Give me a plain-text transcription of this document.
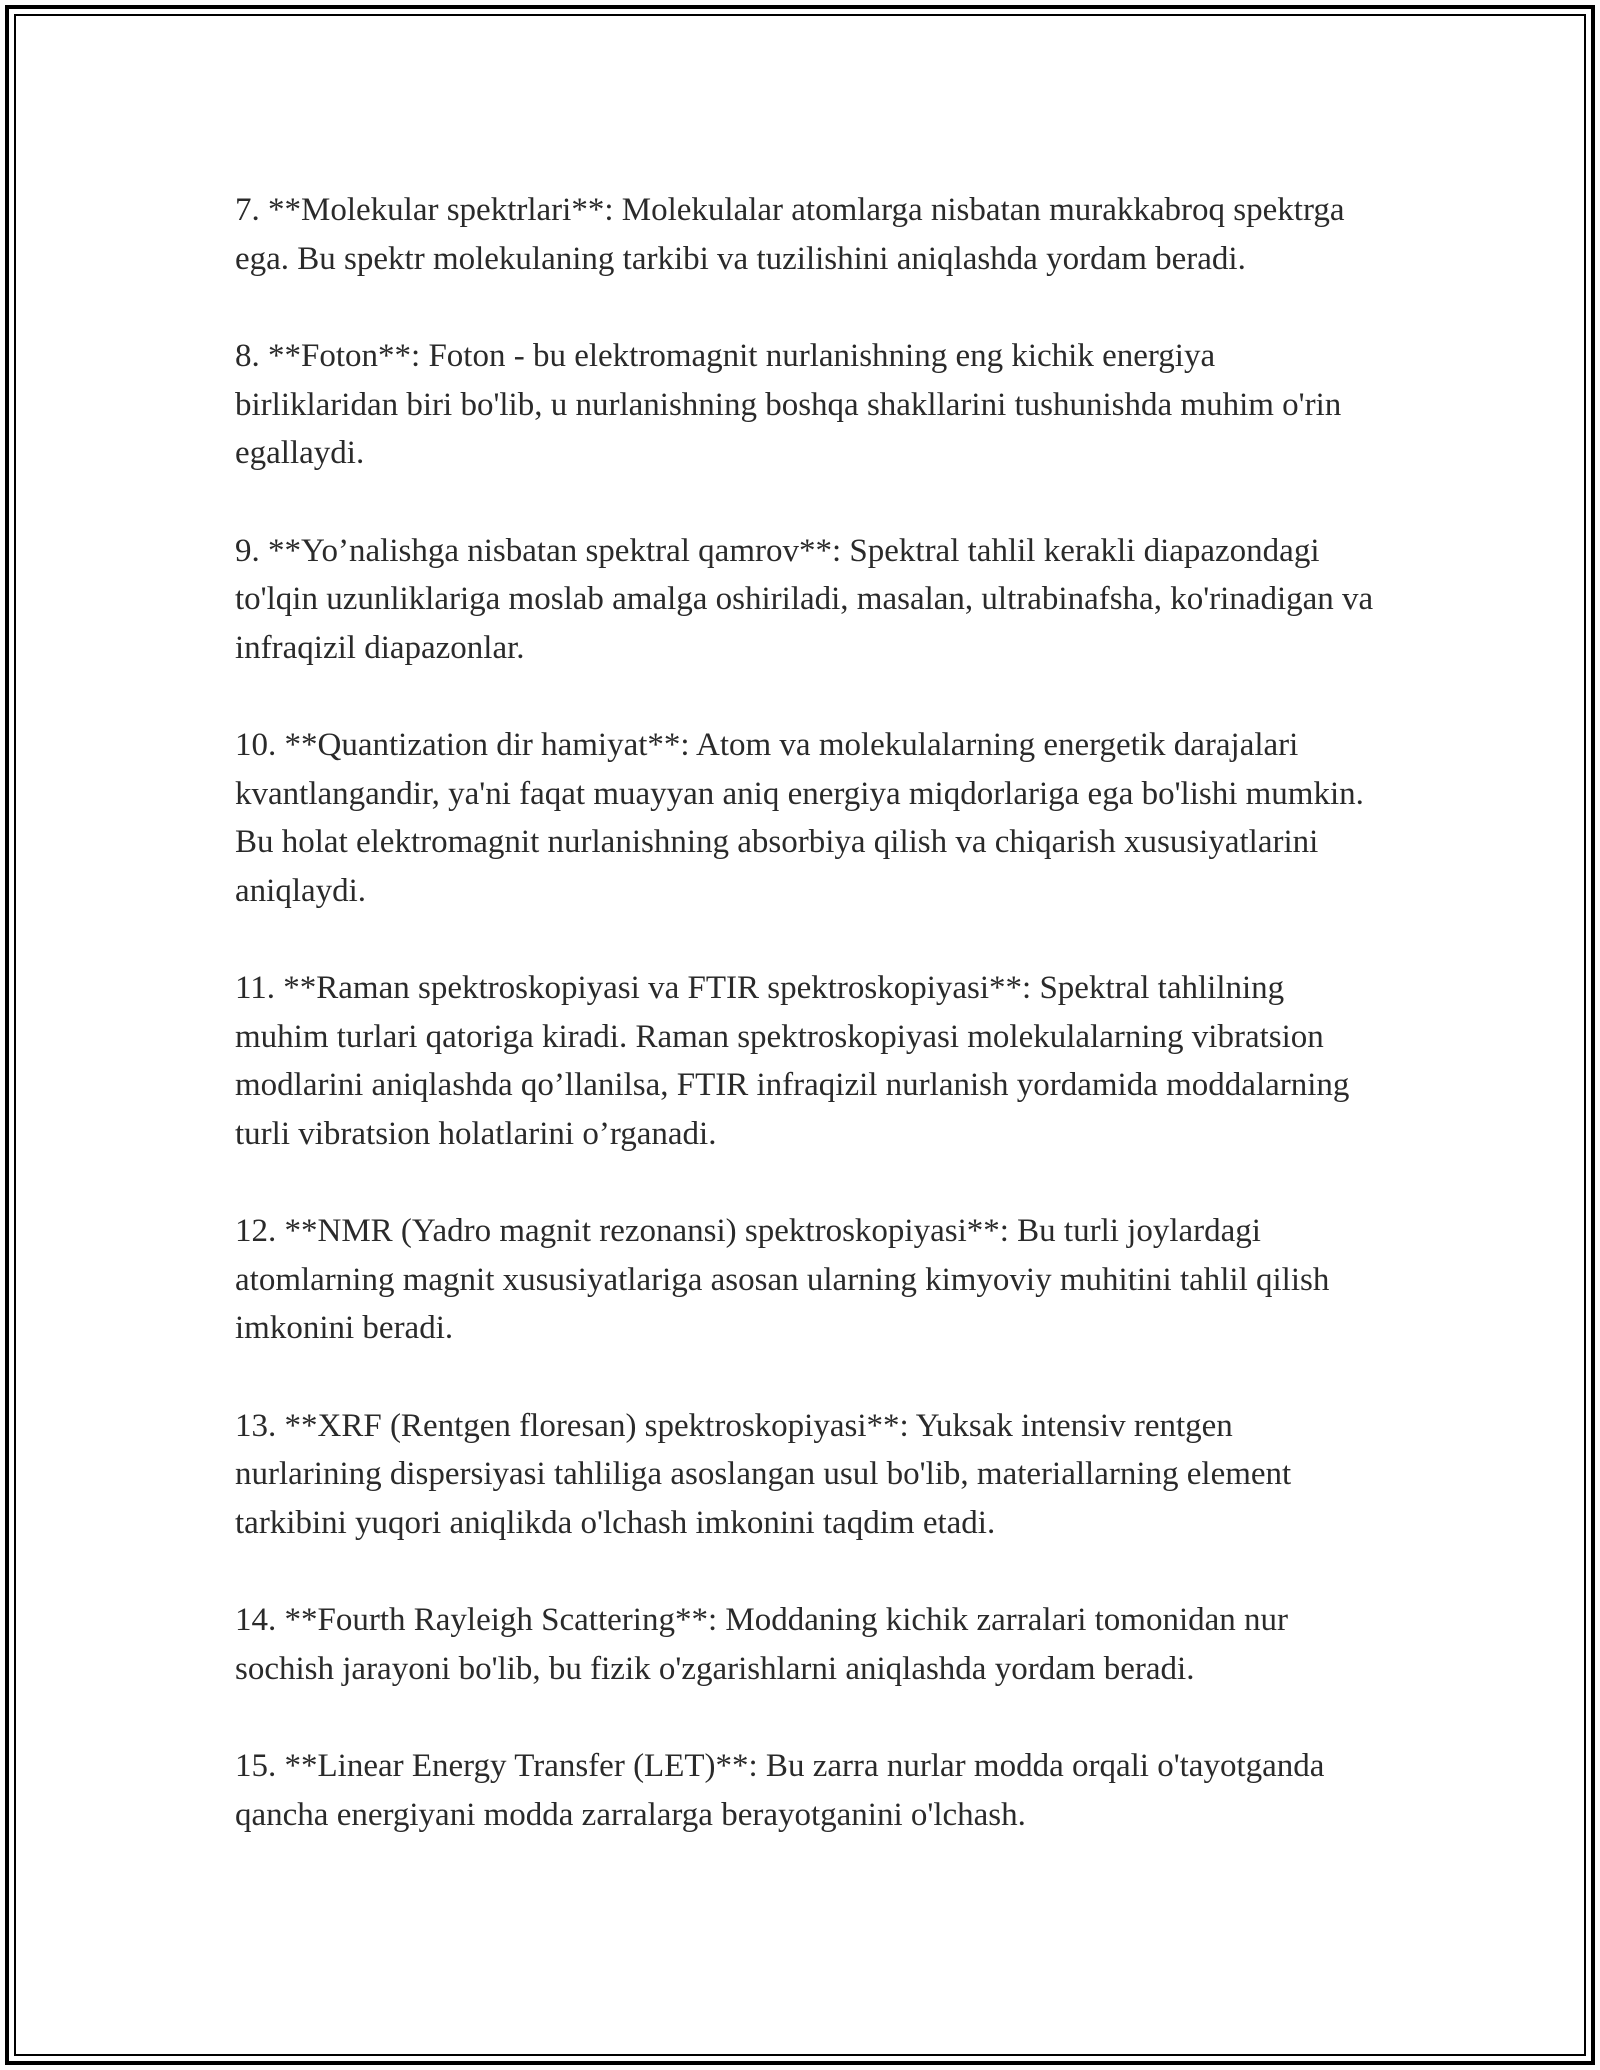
7. **Molekular spektrlari**: Molekulalar atomlarga nisbatan murakkabroq spektrga ega. Bu spektr molekulaning tarkibi va tuzilishini aniqlashda yordam beradi.

8. **Foton**: Foton - bu elektromagnit nurlanishning eng kichik energiya birliklaridan biri bo'lib, u nurlanishning boshqa shakllarini tushunishda muhim o'rin egallaydi.

9. **Yo’nalishga nisbatan spektral qamrov**: Spektral tahlil kerakli diapazondagi to'lqin uzunliklariga moslab amalga oshiriladi, masalan, ultrabinafsha, ko'rinadigan va infraqizil diapazonlar.

10. **Quantization dir hamiyat**: Atom va molekulalarning energetik darajalari kvantlangandir, ya'ni faqat muayyan aniq energiya miqdorlariga ega bo'lishi mumkin. Bu holat elektromagnit nurlanishning absorbiya qilish va chiqarish xususiyatlarini aniqlaydi.

11. **Raman spektroskopiyasi va FTIR spektroskopiyasi**: Spektral tahlilning muhim turlari qatoriga kiradi. Raman spektroskopiyasi molekulalarning vibratsion modlarini aniqlashda qo’llanilsa, FTIR infraqizil nurlanish yordamida moddalarning turli vibratsion holatlarini o’rganadi.

12. **NMR (Yadro magnit rezonansi) spektroskopiyasi**: Bu turli joylardagi atomlarning magnit xususiyatlariga asosan ularning kimyoviy muhitini tahlil qilish imkonini beradi.

13. **XRF (Rentgen floresan) spektroskopiyasi**: Yuksak intensiv rentgen nurlarining dispersiyasi tahliliga asoslangan usul bo'lib, materiallarning element tarkibini yuqori aniqlikda o'lchash imkonini taqdim etadi.

14. **Fourth Rayleigh Scattering**: Moddaning kichik zarralari tomonidan nur sochish jarayoni bo'lib, bu fizik o'zgarishlarni aniqlashda yordam beradi.

15. **Linear Energy Transfer (LET)**: Bu zarra nurlar modda orqali o'tayotganda qancha energiyani modda zarralarga berayotganini o'lchash.
